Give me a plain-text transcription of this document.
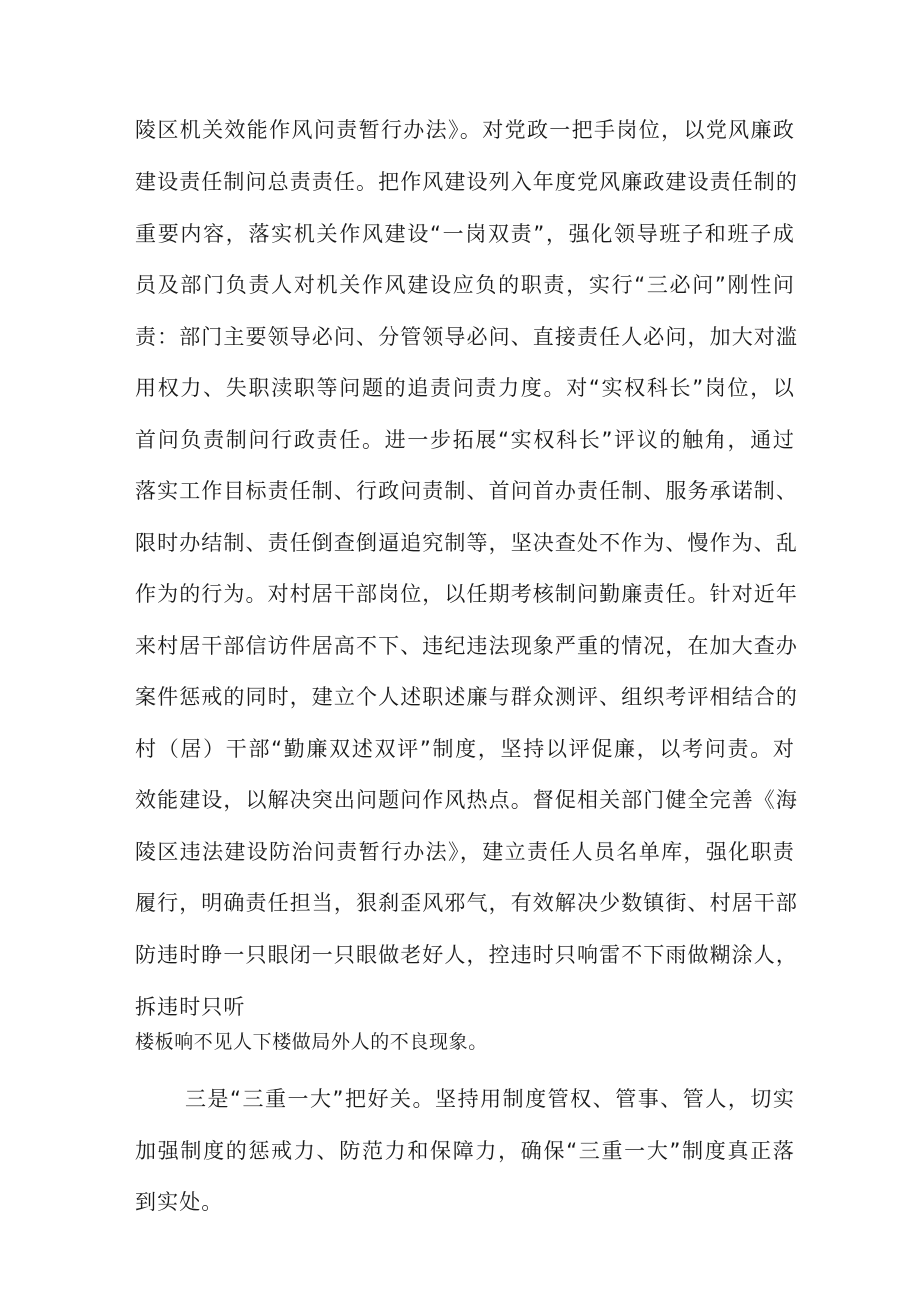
陵区机关效能作风问责暂行办法》。对党政一把手岗位，以党风廉政
建设责任制问总责责任。把作风建设列入年度党风廉政建设责任制的
重要内容，落实机关作风建设“一岗双责”，强化领导班子和班子成
员及部门负责人对机关作风建设应负的职责，实行“三必问”刚性问
责：部门主要领导必问、分管领导必问、直接责任人必问，加大对滥
用权力、失职渎职等问题的追责问责力度。对“实权科长”岗位，以
首问负责制问行政责任。进一步拓展“实权科长”评议的触角，通过
落实工作目标责任制、行政问责制、首问首办责任制、服务承诺制、
限时办结制、责任倒查倒逼追究制等，坚决查处不作为、慢作为、乱
作为的行为。对村居干部岗位，以任期考核制问勤廉责任。针对近年
来村居干部信访件居高不下、违纪违法现象严重的情况，在加大查办
案件惩戒的同时，建立个人述职述廉与群众测评、组织考评相结合的
村（居）干部“勤廉双述双评”制度，坚持以评促廉，以考问责。对
效能建设，以解决突出问题问作风热点。督促相关部门健全完善《海
陵区违法建设防治问责暂行办法》，建立责任人员名单库，强化职责
履行，明确责任担当，狠刹歪风邪气，有效解决少数镇街、村居干部
防违时睁一只眼闭一只眼做老好人，控违时只响雷不下雨做糊涂人，
拆违时只听
楼板响不见人下楼做局外人的不良现象。
三是“三重一大”把好关。坚持用制度管权、管事、管人，切实
加强制度的惩戒力、防范力和保障力，确保“三重一大”制度真正落
到实处。
